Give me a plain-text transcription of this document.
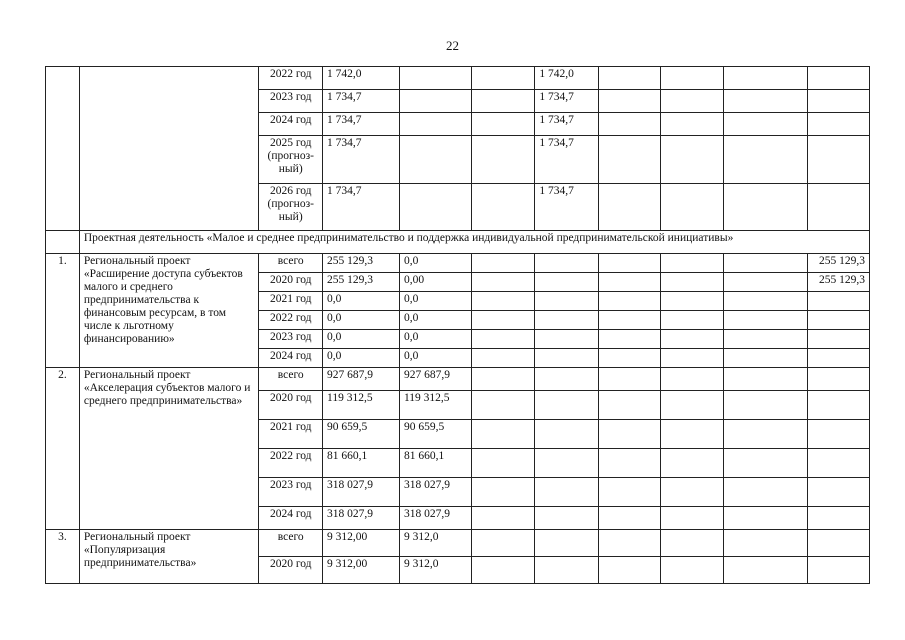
22
		2022 год	1 742,0			1 742,0				
		2023 год	1 734,7			1 734,7				
		2024 год	1 734,7			1 734,7				
		2025 год (прогноз-ный)	1 734,7			1 734,7				
		2026 год (прогноз-ный)	1 734,7			1 734,7				
	Проектная деятельность «Малое и среднее предпринимательство и поддержка индивидуальной предпринимательской инициативы»									
1.	Региональный проект «Расширение доступа субъектов малого и среднего предпринимательства к финансовым ресурсам, в том числе к льготному финансированию»	всего	255 129,3	0,0						255 129,3
		2020 год	255 129,3	0,00						255 129,3
		2021 год	0,0	0,0						
		2022 год	0,0	0,0						
		2023 год	0,0	0,0						
		2024 год	0,0	0,0						
2.	Региональный проект «Акселерация субъектов малого и среднего предпринимательства»	всего	927 687,9	927 687,9						
		2020 год	119 312,5	119 312,5						
		2021 год	90 659,5	90 659,5						
		2022 год	81 660,1	81 660,1						
		2023 год	318 027,9	318 027,9						
		2024 год	318 027,9	318 027,9						
3.	Региональный проект «Популяризация предпринимательства»	всего	9 312,00	9 312,0						
		2020 год	9 312,00	9 312,0						
